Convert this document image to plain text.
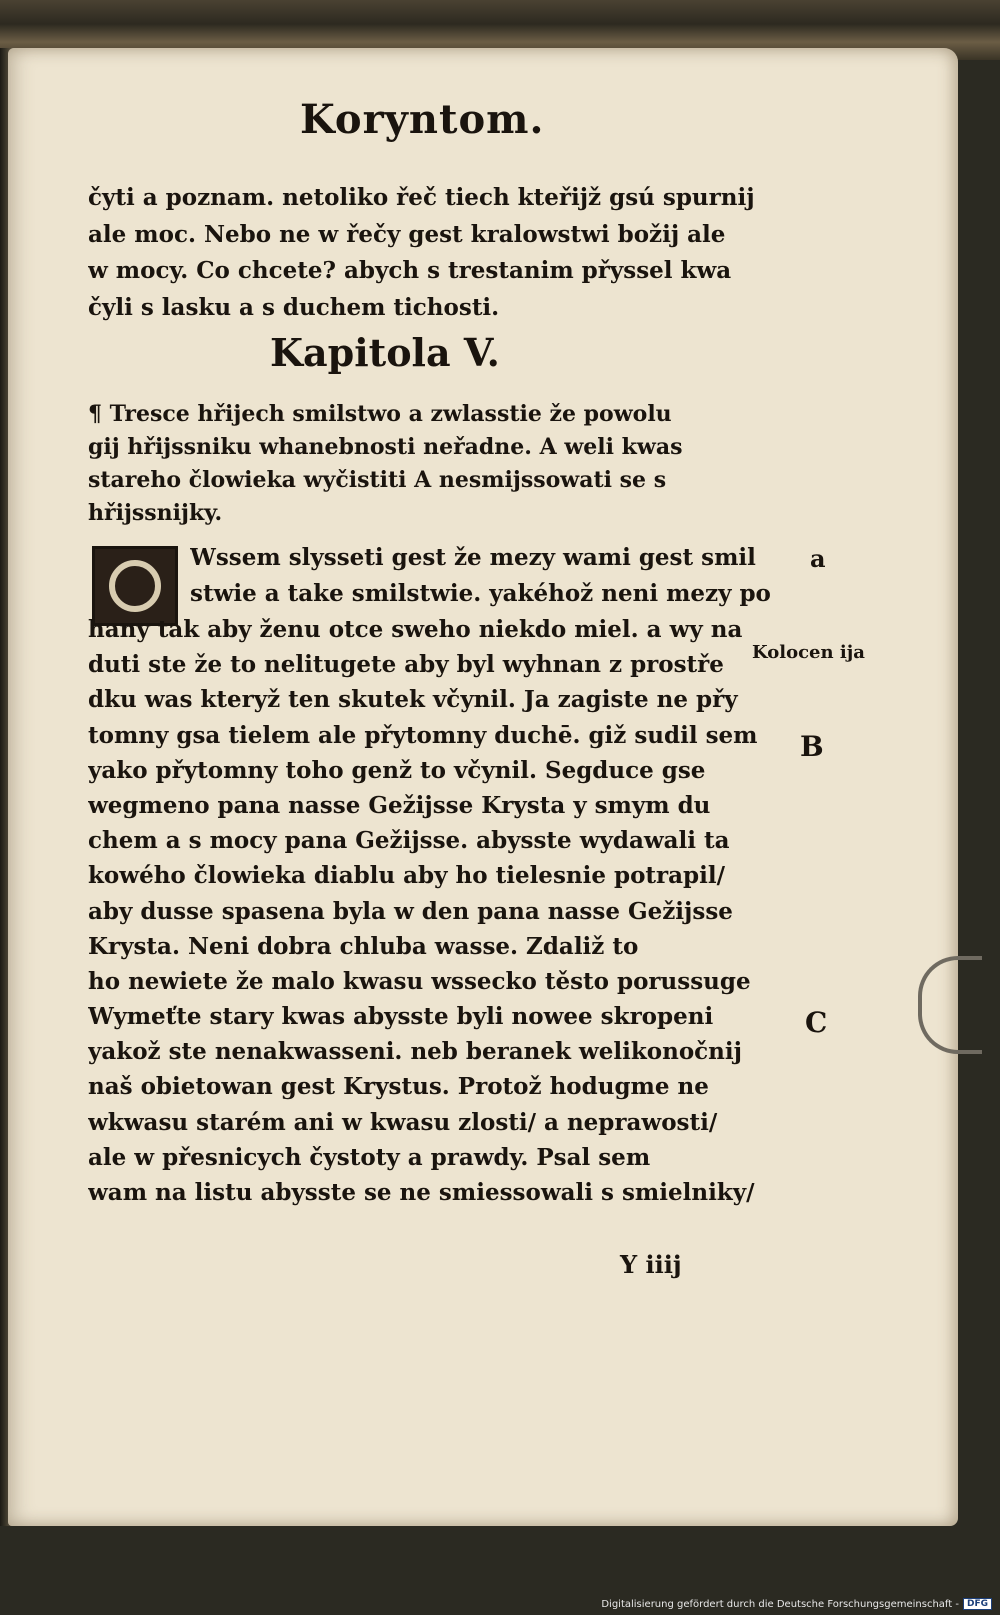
Koryntom.
čyti a poznam. netoliko řeč tiech kteřijž gsú spurnij
ale moc. Nebo ne w řečy gest kralowstwi božij ale
w mocy. Co chcete? abych s trestanim přyssel kwa
čyli s lasku a s duchem tichosti.
Kapitola V.
¶ Tresce hřijech smilstwo a zwlasstie že powolu
gij hřijssniku whanebnosti neřadne. A weli kwas
stareho člowieka wyčistiti A nesmijssowati se s
hřijssnijky.
Wssem slysseti gest že mezy wami gest smil
stwie a take smilstwie. yakéhož neni mezy po
hany tak aby ženu otce sweho niekdo miel. a wy na
duti ste že to nelitugete aby byl wyhnan z prostře
dku was kteryž ten skutek včynil. Ja zagiste ne přy
tomny gsa tielem ale přytomny duchē. giž sudil sem
yako přytomny toho genž to včynil. Segduce gse
wegmeno pana nasse Gežijsse Krysta y smym du
chem a s mocy pana Gežijsse. abysste wydawali ta
kowého člowieka diablu aby ho tielesnie potrapil/
aby dusse spasena byla w den pana nasse Gežijsse
Krysta. Neni dobra chluba wasse. Zdaliž to
ho newiete že malo kwasu wssecko těsto porussuge
Wymeťte stary kwas abysste byli nowee skropeni
yakož ste nenakwasseni. neb beranek welikonočnij
naš obietowan gest Krystus. Protož hodugme ne
wkwasu starém ani w kwasu zlosti/ a neprawosti/
ale w přesnicych čystoty a prawdy. Psal sem
wam na listu abysste se ne smiessowali s smielniky/
a
Kolocen ija
B
C
Y iiij
Digitalisierung gefördert durch die Deutsche Forschungsgemeinschaft - DFG
